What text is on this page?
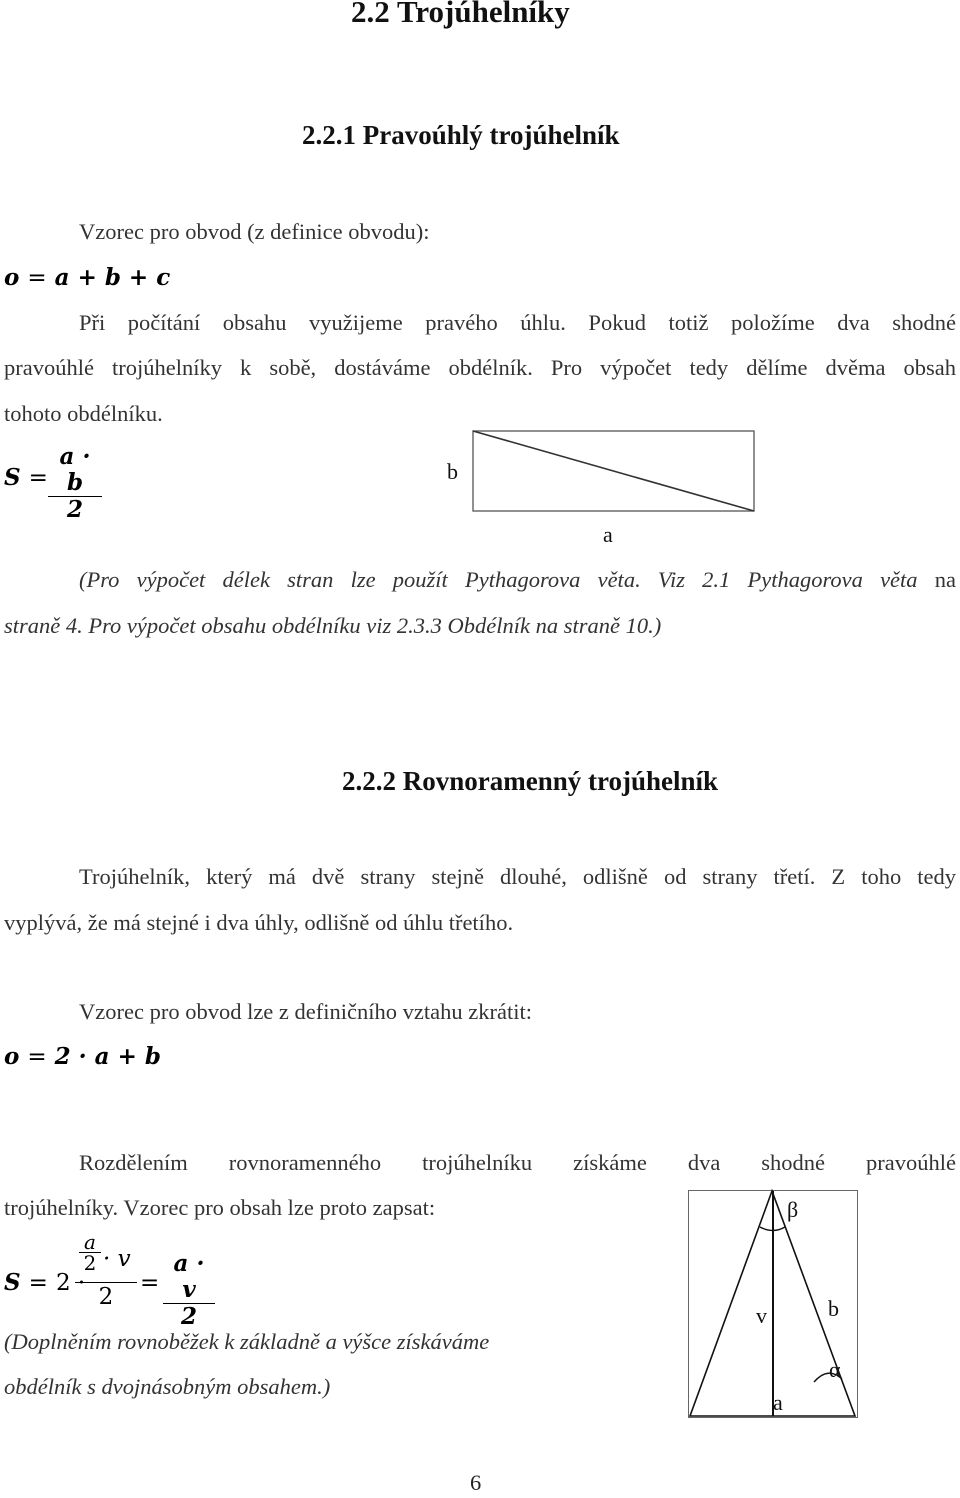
2.2 Trojúhelníky
2.2.1 Pravoúhlý trojúhelník
Vzorec pro obvod (z definice obvodu):
o = a + b + c
Při počítání obsahu využijeme pravého úhlu. Pokud totiž položíme dva shodné
pravoúhlé trojúhelníky k sobě, dostáváme obdélník. Pro výpočet tedy dělíme dvěma obsah
tohoto obdélníku.
S =
a · b
2
b
a
(Pro výpočet délek stran lze použít Pythagorova věta. Viz 2.1 Pythagorova věta na
straně 4. Pro výpočet obsahu obdélníku viz 2.3.3 Obdélník na straně 10.)
2.2.2 Rovnoramenný trojúhelník
Trojúhelník, který má dvě strany stejně dlouhé, odlišně od strany třetí. Z toho tedy
vyplývá, že má stejné i dva úhly, odlišně od úhlu třetího.
Vzorec pro obvod lze z definičního vztahu zkrátit:
o = 2 · a + b
Rozdělením rovnoramenného trojúhelníku získáme dva shodné pravoúhlé
trojúhelníky. Vzorec pro obsah lze proto zapsat:
S = 2 ·
a
2 · v
2
=
a · v
2
(Doplněním rovnoběžek k základně a výšce získáváme
obdélník s dvojnásobným obsahem.)
β
v	b
α
a
6
